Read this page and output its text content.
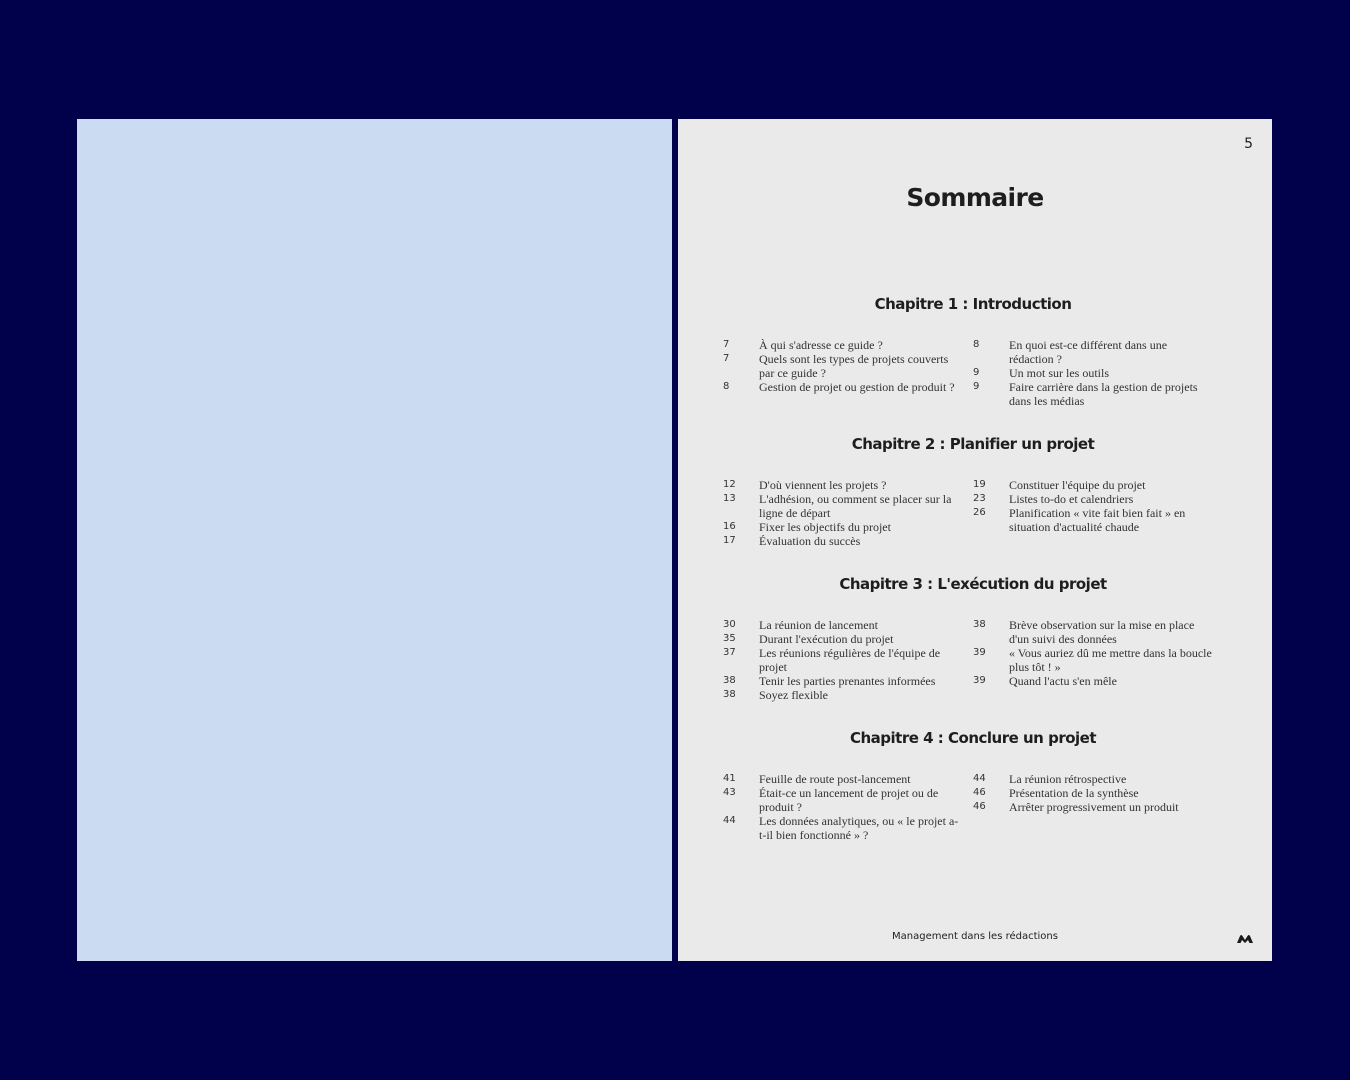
5
Sommaire
Chapitre 1 : Introduction
7	À qui s'adresse ce guide ?
7	Quels sont les types de projets couverts par ce guide ?
8	Gestion de projet ou gestion de produit ?
8	En quoi est-ce différent dans une rédaction ?
9	Un mot sur les outils
9	Faire carrière dans la gestion de projets dans les médias
Chapitre 2 : Planifier un projet
12	D'où viennent les projets ?
13	L'adhésion, ou comment se placer sur la ligne de départ
16	Fixer les objectifs du projet
17	Évaluation du succès
19	Constituer l'équipe du projet
23	Listes to-do et calendriers
26	Planification « vite fait bien fait » en situation d'actualité chaude
Chapitre 3 : L'exécution du projet
30	La réunion de lancement
35	Durant l'exécution du projet
37	Les réunions régulières de l'équipe de projet
38	Tenir les parties prenantes informées
38	Soyez flexible
38	Brève observation sur la mise en place d'un suivi des données
39	« Vous auriez dû me mettre dans la boucle plus tôt ! »
39	Quand l'actu s'en mêle
Chapitre 4 : Conclure un projet
41	Feuille de route post-lancement
43	Était-ce un lancement de projet ou de produit ?
44	Les données analytiques, ou « le projet a-t-il bien fonctionné » ?
44	La réunion rétrospective
46	Présentation de la synthèse
46	Arrêter progressivement un produit
Management dans les rédactions
